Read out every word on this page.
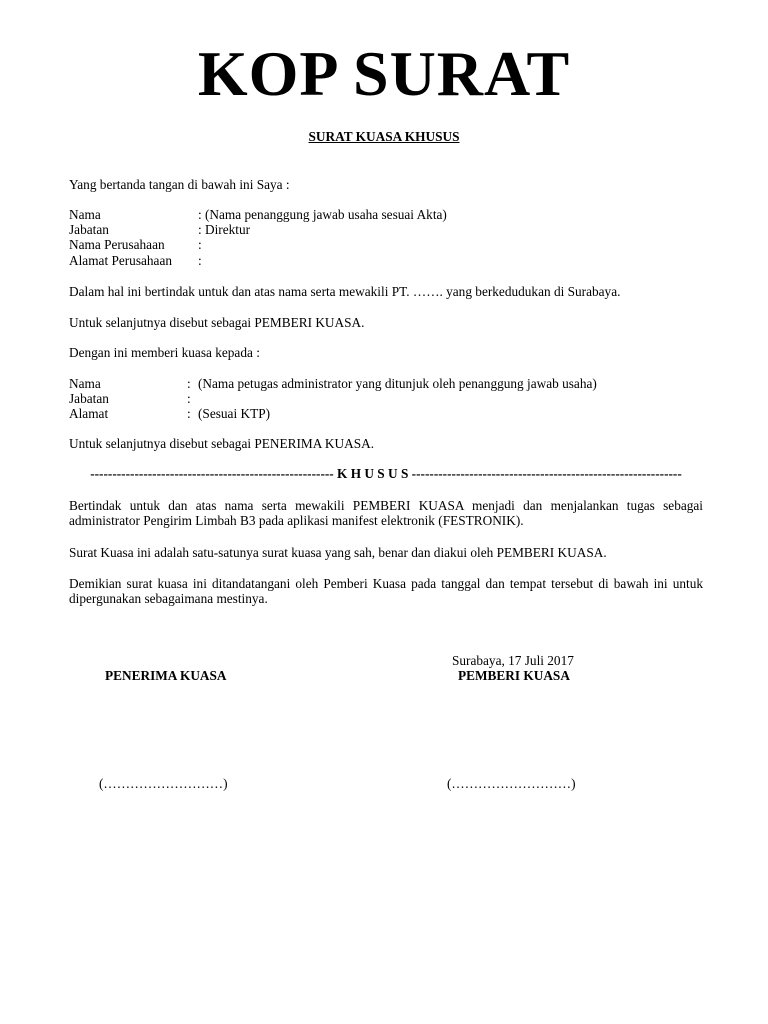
KOP SURAT
SURAT KUASA KHUSUS
Yang bertanda tangan di bawah ini Saya :
Nama	: (Nama penanggung jawab usaha sesuai Akta)
Jabatan	: Direktur
Nama Perusahaan	:
Alamat Perusahaan :
Dalam hal ini bertindak untuk dan atas nama serta mewakili PT. ……. yang berkedudukan di Surabaya.
Untuk selanjutnya disebut sebagai PEMBERI KUASA.
Dengan ini memberi kuasa kepada :
Nama	: (Nama petugas administrator yang ditunjuk oleh penanggung jawab usaha)
Jabatan	:
Alamat	: (Sesuai KTP)
Untuk selanjutnya disebut sebagai PENERIMA KUASA.
------------------------------------------------------- K H U S U S -------------------------------------------------------------
Bertindak untuk dan atas nama serta mewakili PEMBERI KUASA menjadi dan menjalankan tugas sebagai administrator Pengirim Limbah B3 pada aplikasi manifest elektronik (FESTRONIK).
Surat Kuasa ini adalah satu-satunya surat kuasa yang sah, benar dan diakui oleh PEMBERI KUASA.
Demikian surat kuasa ini ditandatangani oleh Pemberi Kuasa pada tanggal dan tempat tersebut di bawah ini untuk dipergunakan sebagaimana mestinya.
Surabaya, 17 Juli 2017
PENERIMA KUASA	PEMBERI KUASA
(………………………)	(………………………)
